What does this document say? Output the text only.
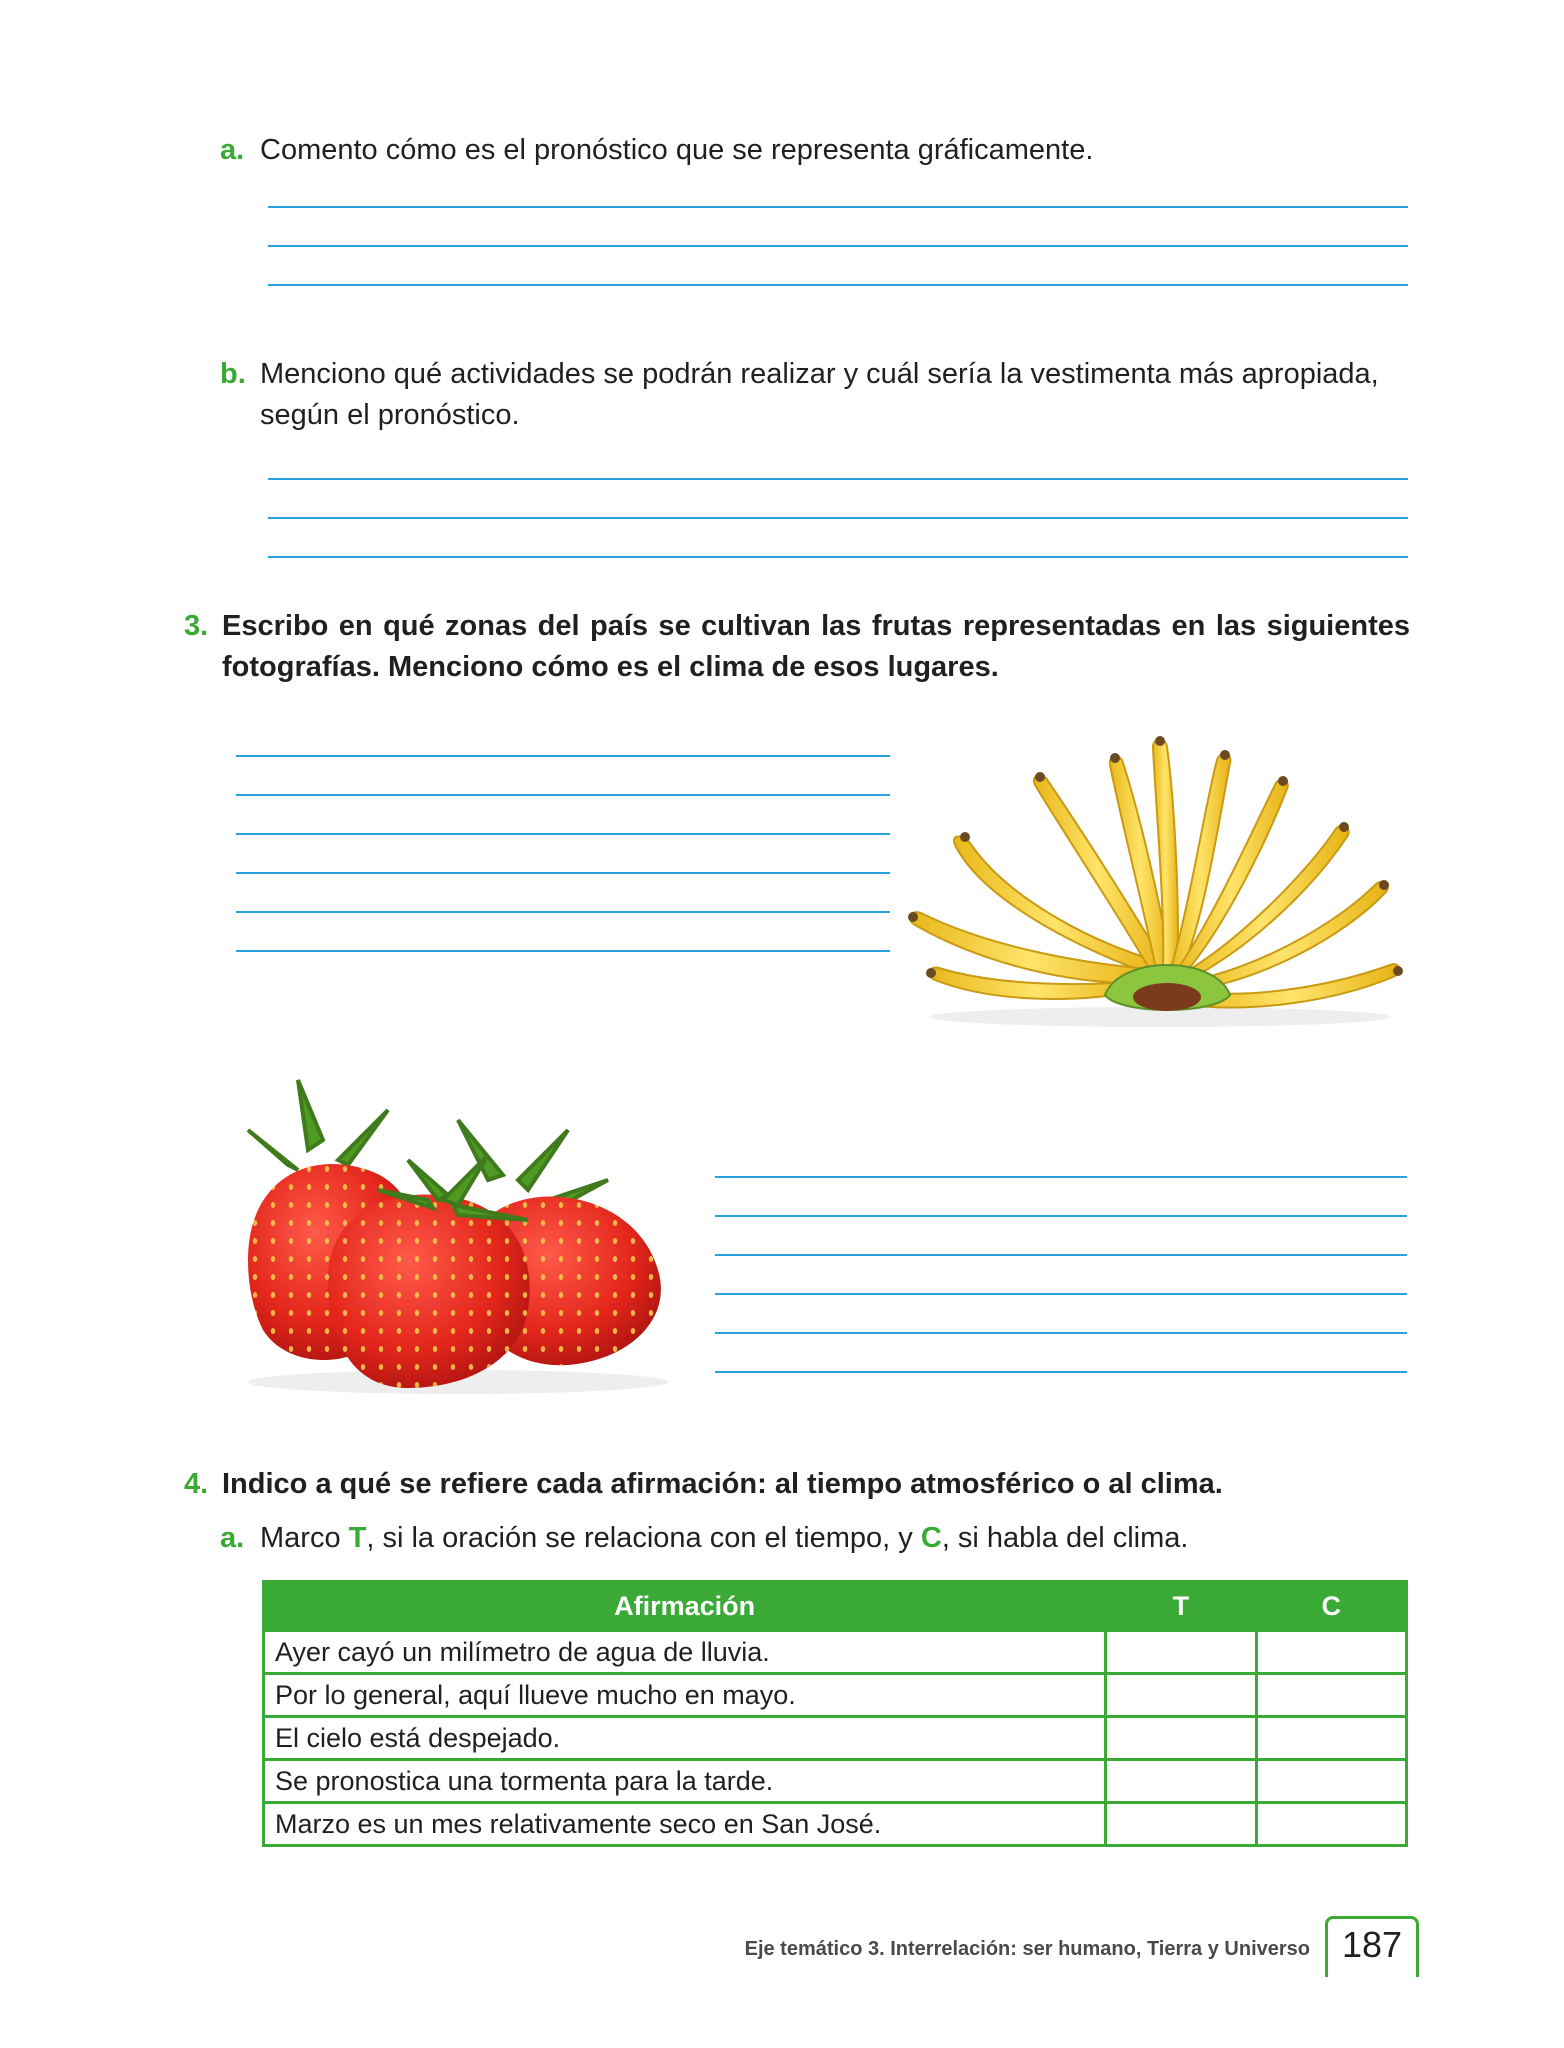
a. Comento cómo es el pronóstico que se representa gráficamente.
b. Menciono qué actividades se podrán realizar y cuál sería la vestimenta más apropiada, según el pronóstico.
3. Escribo en qué zonas del país se cultivan las frutas representadas en las siguientes fotografías. Menciono cómo es el clima de esos lugares.
4. Indico a qué se refiere cada afirmación: al tiempo atmosférico o al clima.
a. Marco T, si la oración se relaciona con el tiempo, y C, si habla del clima.
Afirmación	T	C
Ayer cayó un milímetro de agua de lluvia.		
Por lo general, aquí llueve mucho en mayo.		
El cielo está despejado.		
Se pronostica una tormenta para la tarde.		
Marzo es un mes relativamente seco en San José.		
Eje temático 3. Interrelación: ser humano, Tierra y Universo 187
